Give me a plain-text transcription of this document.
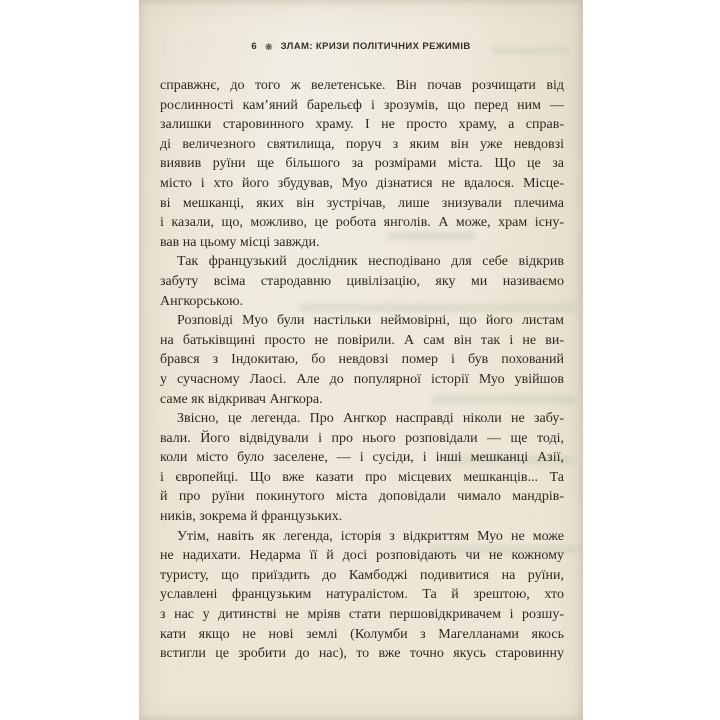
6 ❋ ЗЛАМ: КРИЗИ ПОЛІТИЧНИХ РЕЖИМІВ
справжнє, до того ж велетенське. Він почав розчищати від
рослинності кам’яний барельєф і зрозумів, що перед ним —
залишки старовинного храму. І не просто храму, а справ-
ді величезного святилища, поруч з яким він уже невдовзі
виявив руїни ще більшого за розмірами міста. Що це за
місто і хто його збудував, Муо дізнатися не вдалося. Місце-
ві мешканці, яких він зустрічав, лише знизували плечима
і казали, що, можливо, це робота янголів. А може, храм існу-
вав на цьому місці завжди.
Так французький дослідник несподівано для себе відкрив
забуту всіма стародавню цивілізацію, яку ми називаємо
Ангкорською.
Розповіді Муо були настільки неймовірні, що його листам
на батьківщині просто не повірили. А сам він так і не ви-
брався з Індокитаю, бо невдовзі помер і був похований
у сучасному Лаосі. Але до популярної історії Муо увійшов
саме як відкривач Ангкора.
Звісно, це легенда. Про Ангкор насправді ніколи не забу-
вали. Його відвідували і про нього розповідали — ще тоді,
коли місто було заселене, — і сусіди, і інші мешканці Азії,
і європейці. Що вже казати про місцевих мешканців... Та
й про руїни покинутого міста доповідали чимало мандрів-
ників, зокрема й французьких.
Утім, навіть як легенда, історія з відкриттям Муо не може
не надихати. Недарма її й досі розповідають чи не кожному
туристу, що приїздить до Камбоджі подивитися на руїни,
уславлені французьким натуралістом. Та й зрештою, хто
з нас у дитинстві не мріяв стати першовідкривачем і розшу-
кати якщо не нові землі (Колумби з Магелланами якось
встигли це зробити до нас), то вже точно якусь старовинну
